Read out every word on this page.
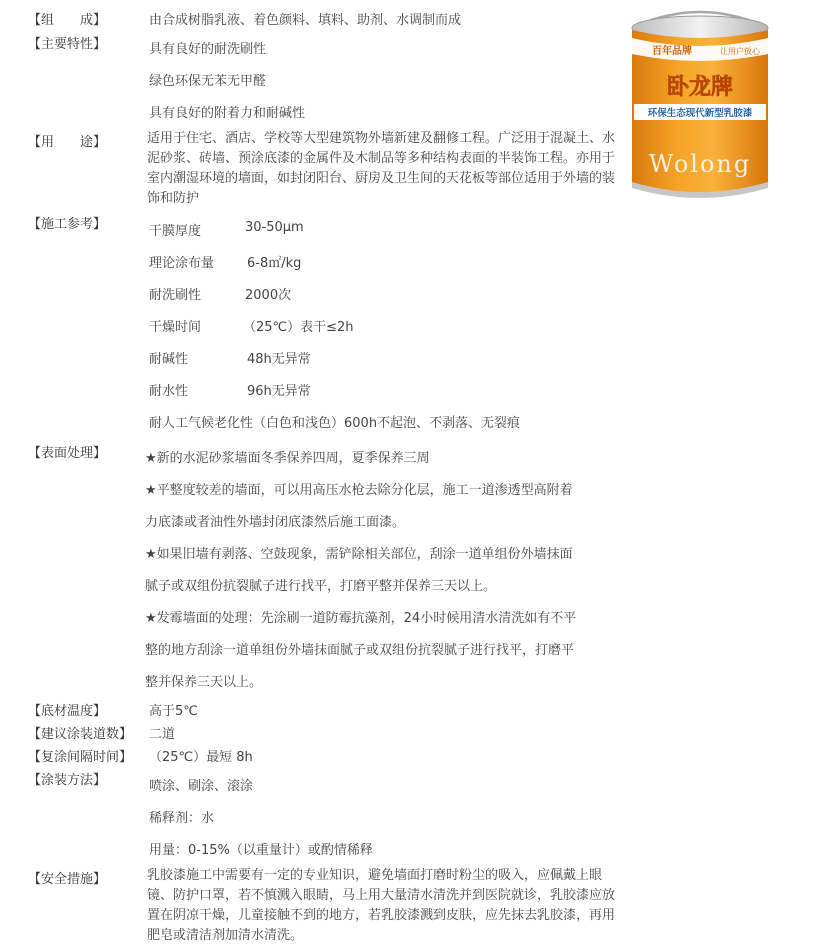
【组　　成】	由合成树脂乳液、着色颜料、填料、助剂、水调制而成
【主要特性】	具有良好的耐洗刷性
绿色环保无苯无甲醛
具有良好的附着力和耐碱性
【用　　途】	适用于住宅、酒店、学校等大型建筑物外墙新建及翻修工程。广泛用于混凝土、水泥砂浆、砖墙、预涂底漆的金属件及木制品等多种结构表面的半装饰工程。亦用于室内潮湿环境的墙面，如封闭阳台、厨房及卫生间的天花板等部位适用于外墙的装饰和防护
【施工参考】	干膜厚度	30-50μm
理论涂布量	6-8㎡/kg
耐洗刷性	2000次
干燥时间	（25℃）表干≤2h
耐碱性	48h无异常
耐水性	96h无异常
耐人工气候老化性（白色和浅色）600h不起泡、不剥落、无裂痕
【表面处理】	★新的水泥砂浆墙面冬季保养四周，夏季保养三周
★平整度较差的墙面，可以用高压水枪去除分化层，施工一道渗透型高附着
力底漆或者油性外墙封闭底漆然后施工面漆。
★如果旧墙有剥落、空鼓现象，需铲除相关部位，刮涂一道单组份外墙抹面
腻子或双组份抗裂腻子进行找平，打磨平整并保养三天以上。
★发霉墙面的处理：先涂刷一道防霉抗藻剂，24小时候用清水清洗如有不平
整的地方刮涂一道单组份外墙抹面腻子或双组份抗裂腻子进行找平，打磨平
整并保养三天以上。
【底材温度】	高于5℃
【建议涂装道数】 二道
【复涂间隔时间】 （25℃）最短 8h
【涂装方法】	喷涂、刷涂、滚涂
稀释剂：水
用量：0-15%（以重量计）或酌情稀释
【安全措施】	乳胶漆施工中需要有一定的专业知识，避免墙面打磨时粉尘的吸入，应佩戴上眼镜、防护口罩，若不慎溅入眼睛，马上用大量清水清洗并到医院就诊，乳胶漆应放置在阴凉干燥，儿童接触不到的地方，若乳胶漆溅到皮肤，应先抹去乳胶漆，再用肥皂或清洁剂加清水清洗。
百年品牌	让用户放心
卧龙牌
环保生态现代新型乳胶漆
Wolong
